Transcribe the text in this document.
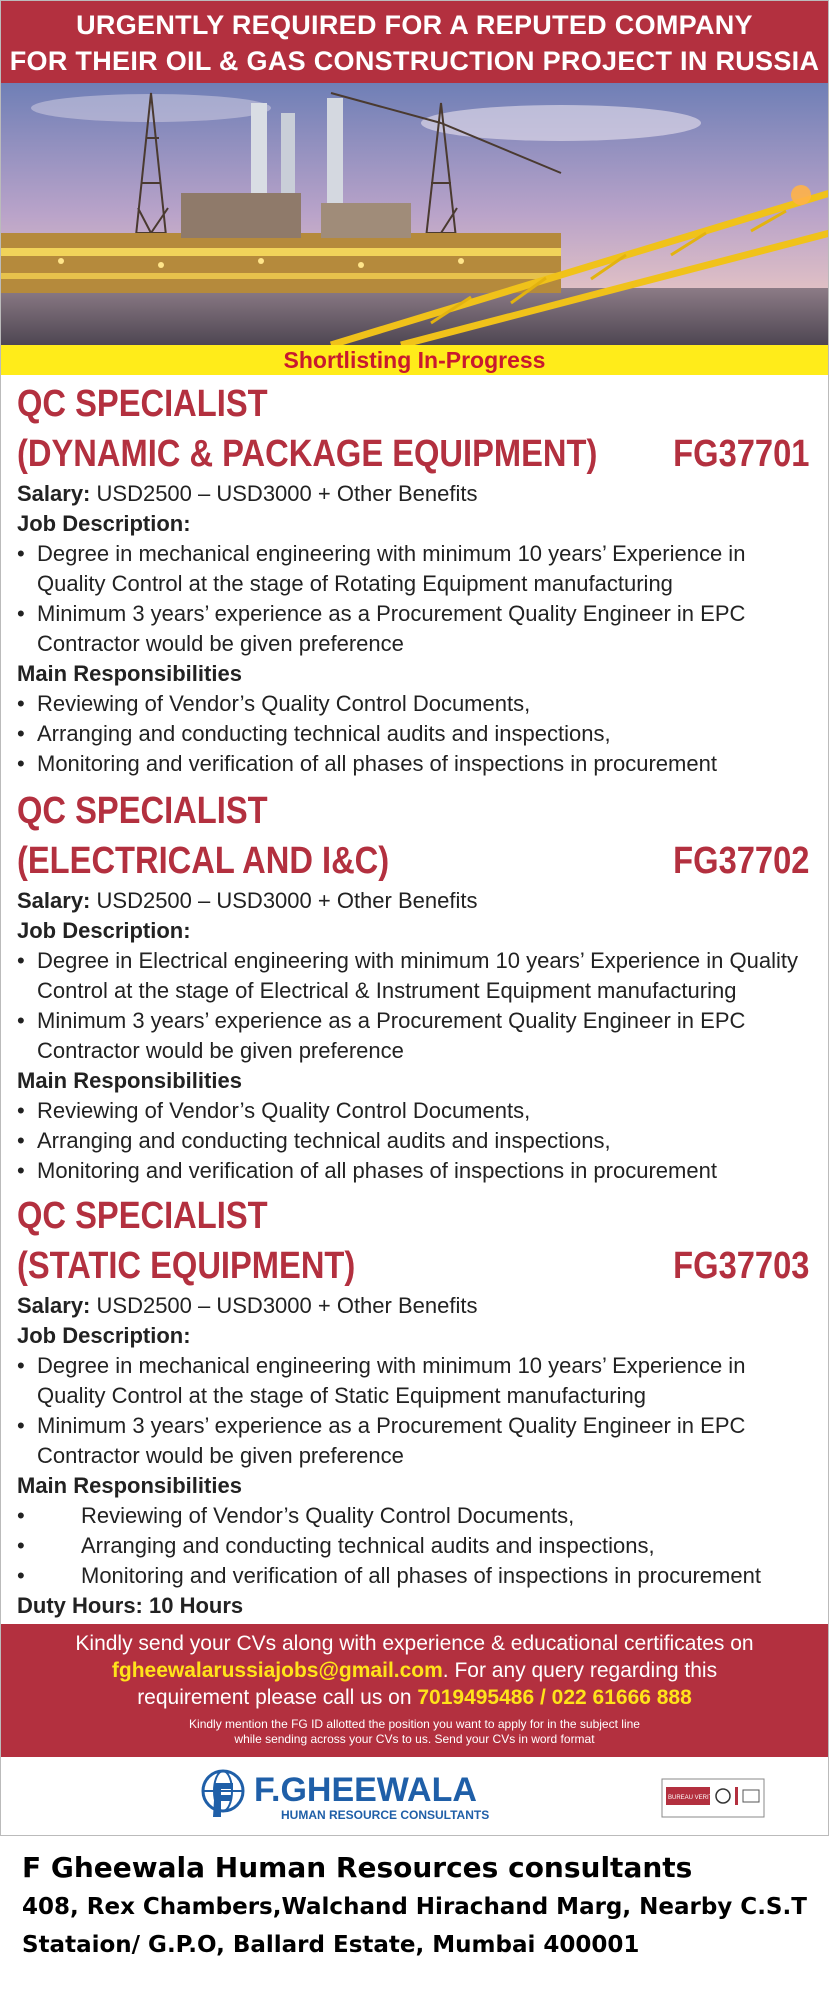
URGENTLY REQUIRED FOR A REPUTED COMPANY
FOR THEIR OIL & GAS CONSTRUCTION PROJECT IN RUSSIA
Shortlisting In-Progress
QC SPECIALIST
(DYNAMIC & PACKAGE EQUIPMENT)	FG37701
Salary: USD2500 – USD3000 + Other Benefits
Job Description:
• Degree in mechanical engineering with minimum 10 years’ Experience in
Quality Control at the stage of Rotating Equipment manufacturing
• Minimum 3 years’ experience as a Procurement Quality Engineer in EPC
Contractor would be given preference
Main Responsibilities
• Reviewing of Vendor’s Quality Control Documents,
• Arranging and conducting technical audits and inspections,
• Monitoring and verification of all phases of inspections in procurement
QC SPECIALIST
(ELECTRICAL AND I&C)	FG37702
Salary: USD2500 – USD3000 + Other Benefits
Job Description:
• Degree in Electrical engineering with minimum 10 years’ Experience in Quality
Control at the stage of Electrical & Instrument Equipment manufacturing
• Minimum 3 years’ experience as a Procurement Quality Engineer in EPC
Contractor would be given preference
Main Responsibilities
• Reviewing of Vendor’s Quality Control Documents,
• Arranging and conducting technical audits and inspections,
• Monitoring and verification of all phases of inspections in procurement
QC SPECIALIST
(STATIC EQUIPMENT)	FG37703
Salary: USD2500 – USD3000 + Other Benefits
Job Description:
• Degree in mechanical engineering with minimum 10 years’ Experience in
Quality Control at the stage of Static Equipment manufacturing
• Minimum 3 years’ experience as a Procurement Quality Engineer in EPC
Contractor would be given preference
Main Responsibilities
•	Reviewing of Vendor’s Quality Control Documents,
•	Arranging and conducting technical audits and inspections,
•	Monitoring and verification of all phases of inspections in procurement
Duty Hours: 10 Hours
Kindly send your CVs along with experience & educational certificates on
fgheewalarussiajobs@gmail.com. For any query regarding this
requirement please call us on 7019495486 / 022 61666 888
Kindly mention the FG ID allotted the position you want to apply for in the subject line
while sending across your CVs to us. Send your CVs in word format
F.GHEEWALA
HUMAN RESOURCE CONSULTANTS
BUREAU VERITAS
F Gheewala Human Resources consultants
408, Rex Chambers,Walchand Hirachand Marg, Nearby C.S.T
Stataion/ G.P.O, Ballard Estate, Mumbai 400001
